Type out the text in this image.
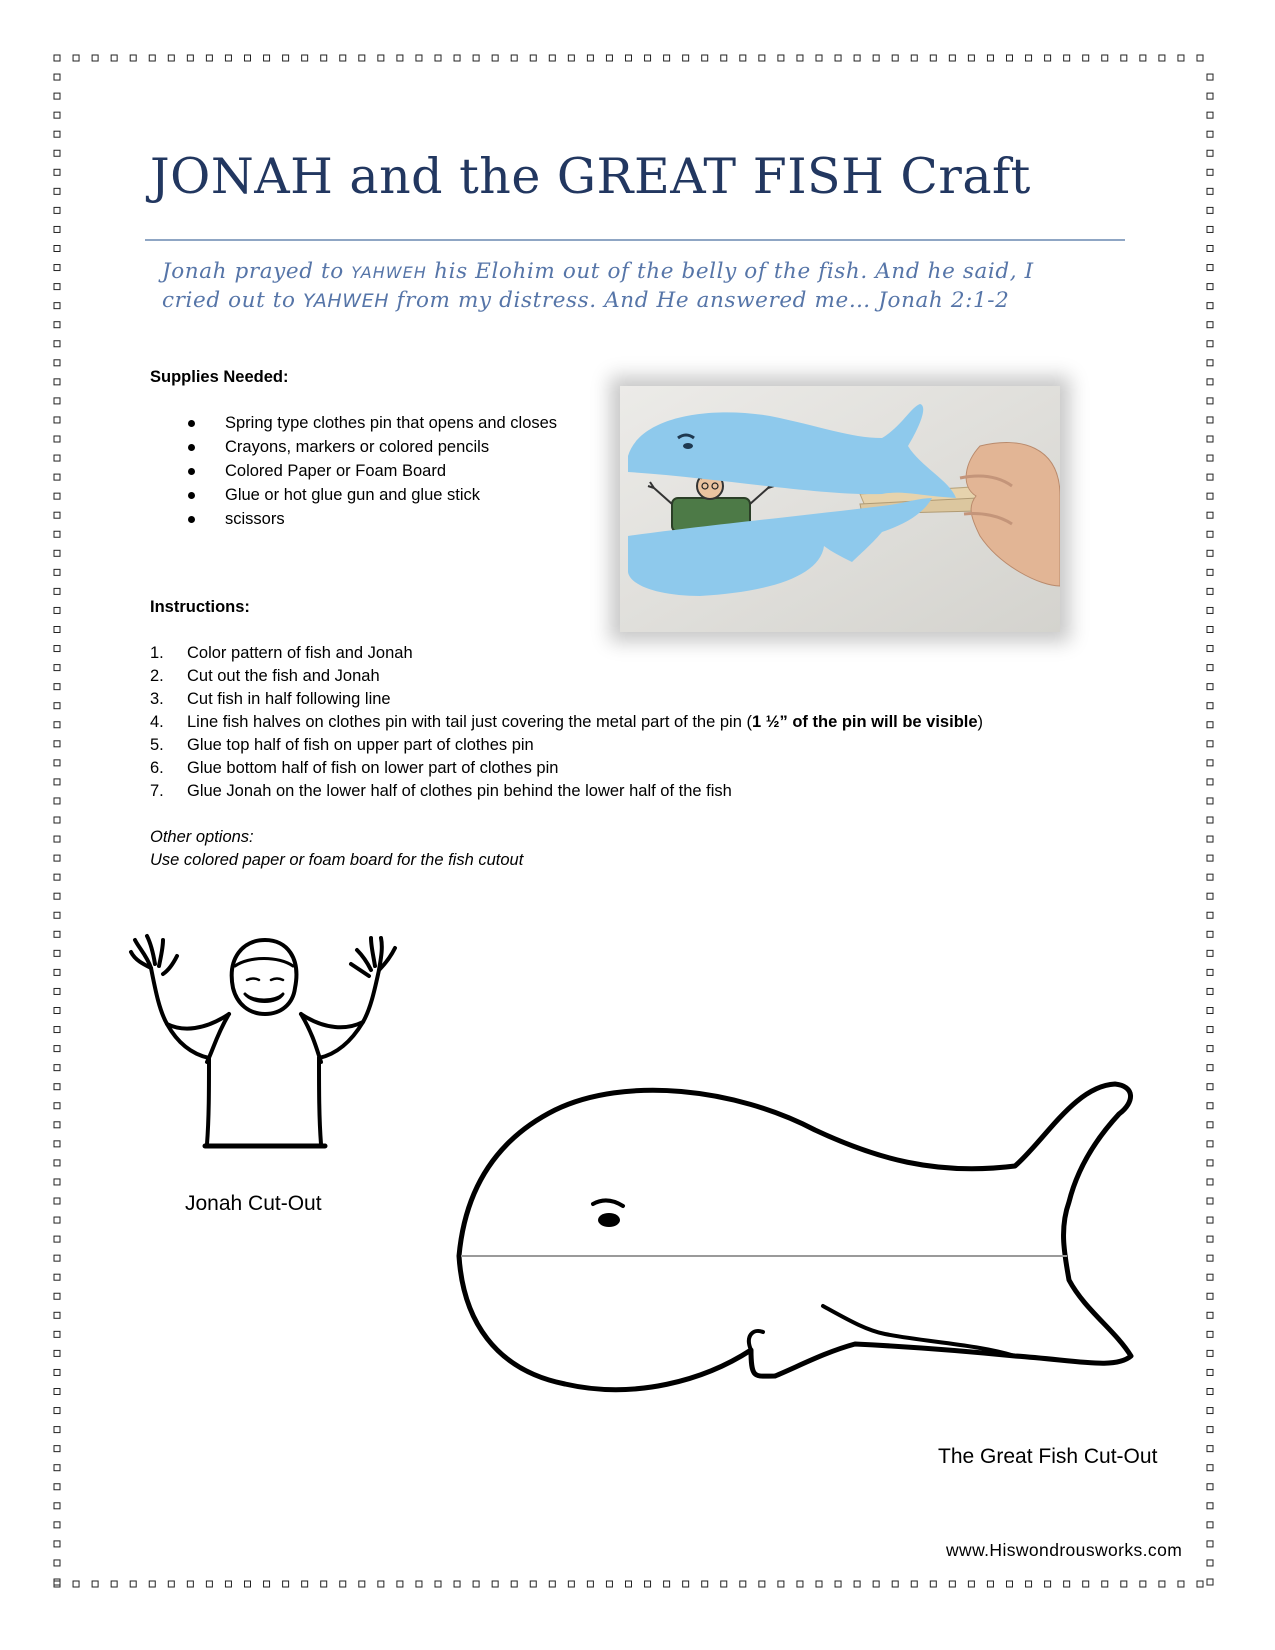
JONAH and the GREAT FISH Craft
Jonah prayed to YAHWEH his Elohim out of the belly of the fish. And he said, I
cried out to YAHWEH from my distress. And He answered me… Jonah 2:1-2
Supplies Needed:
Spring type clothes pin that opens and closes
Crayons, markers or colored pencils
Colored Paper or Foam Board
Glue or hot glue gun and glue stick
scissors
Instructions:
1. Color pattern of fish and Jonah
2. Cut out the fish and Jonah
3. Cut fish in half following line
4. Line fish halves on clothes pin with tail just covering the metal part of the pin (1 ½” of the pin will be visible)
5. Glue top half of fish on upper part of clothes pin
6. Glue bottom half of fish on lower part of clothes pin
7. Glue Jonah on the lower half of clothes pin behind the lower half of the fish
Other options:
Use colored paper or foam board for the fish cutout
Jonah Cut-Out
The Great Fish Cut-Out
www.Hiswondrousworks.com
